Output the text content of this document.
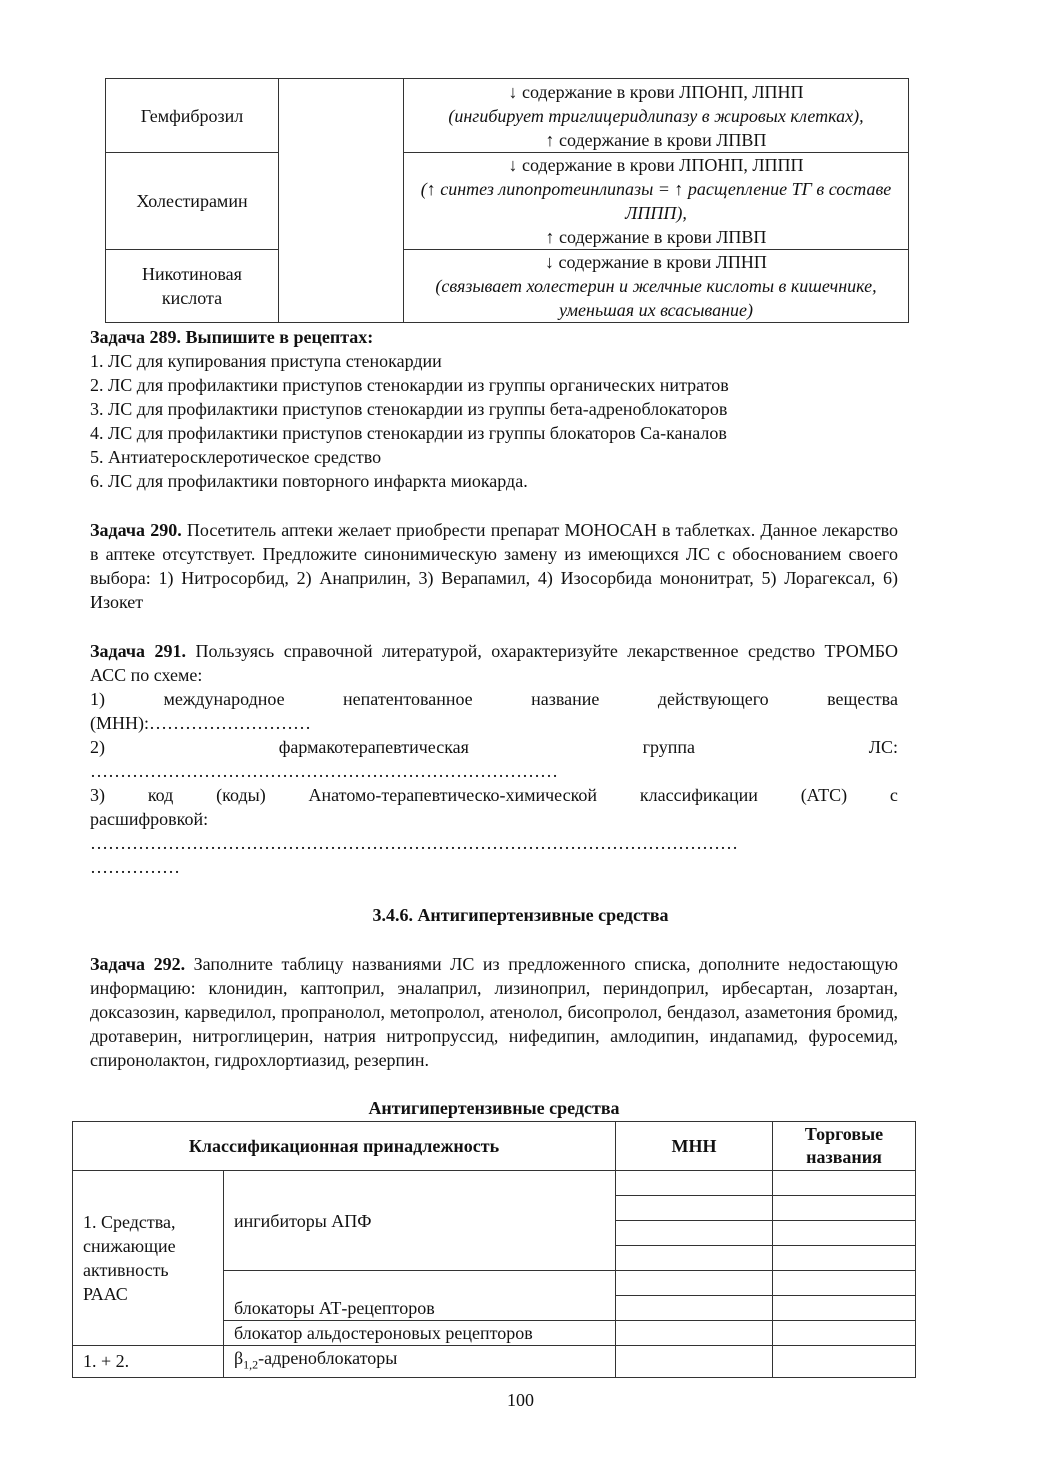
Гемфиброзил		↓ содержание в крови ЛПОНП, ЛПНП
(ингибирует триглицеридлипазу в жировых клетках),
↑ содержание в крови ЛПВП

Холестирамин		↓ содержание в крови ЛПОНП, ЛППП
(↑ синтез липопротеинлипазы = ↑ расщепление ТГ в составе ЛППП),
↑ содержание в крови ЛПВП

Никотиновая кислота		↓ содержание в крови ЛПНП
(связывает холестерин и желчные кислоты в кишечнике, уменьшая их всасывание)
Задача 289. Выпишите в рецептах:
1. ЛС для купирования приступа стенокардии
2. ЛС для профилактики приступов стенокардии из группы органических нитратов
3. ЛС для профилактики приступов стенокардии из группы бета-адреноблокаторов
4. ЛС для профилактики приступов стенокардии из группы блокаторов Ca-каналов
5. Антиатеросклеротическое средство
6. ЛС для профилактики повторного инфаркта миокарда.
Задача 290. Посетитель аптеки желает приобрести препарат МОНОСАН в таблетках. Данное лекарство в аптеке отсутствует. Предложите синонимическую замену из имеющихся ЛС с обоснованием своего выбора: 1) Нитросорбид, 2) Анаприлин, 3) Верапамил, 4) Изосорбида мононитрат, 5) Лорагексал, 6) Изокет
Задача 291. Пользуясь справочной литературой, охарактеризуйте лекарственное средство ТРОМБО АСС по схеме:
1)	международное	непатентованное	название	действующего	вещества
(МНН):………………………
2)	фармакотерапевтическая	группа	ЛС:
……………………………………………………………………
3) код (коды) Анатомо-терапевтическо-химической классификации (АТС) с
расшифровкой:
………………………………………………………………………………………………
……………
3.4.6. Антигипертензивные средства
Задача 292. Заполните таблицу названиями ЛС из предложенного списка, дополните недостающую информацию: клонидин, каптоприл, эналаприл, лизиноприл, периндоприл, ирбесартан, лозартан, доксазозин, карведилол, пропранолол, метопролол, атенолол, бисопролол, бендазол, азаметония бромид, дротаверин, нитроглицерин, натрия нитропруссид, нифедипин, амлодипин, индапамид, фуросемид, спиронолактон, гидрохлортиазид, резерпин.
Антигипертензивные средства
Классификационная принадлежность		МНН	Торговые названия
1. Средства, снижающие активность РААС	ингибиторы АПФ		

	блокаторы АТ-рецепторов		

	блокатор альдостероновых рецепторов		
1. + 2.	$\beta_{1,2}$-адреноблокаторы		
100
